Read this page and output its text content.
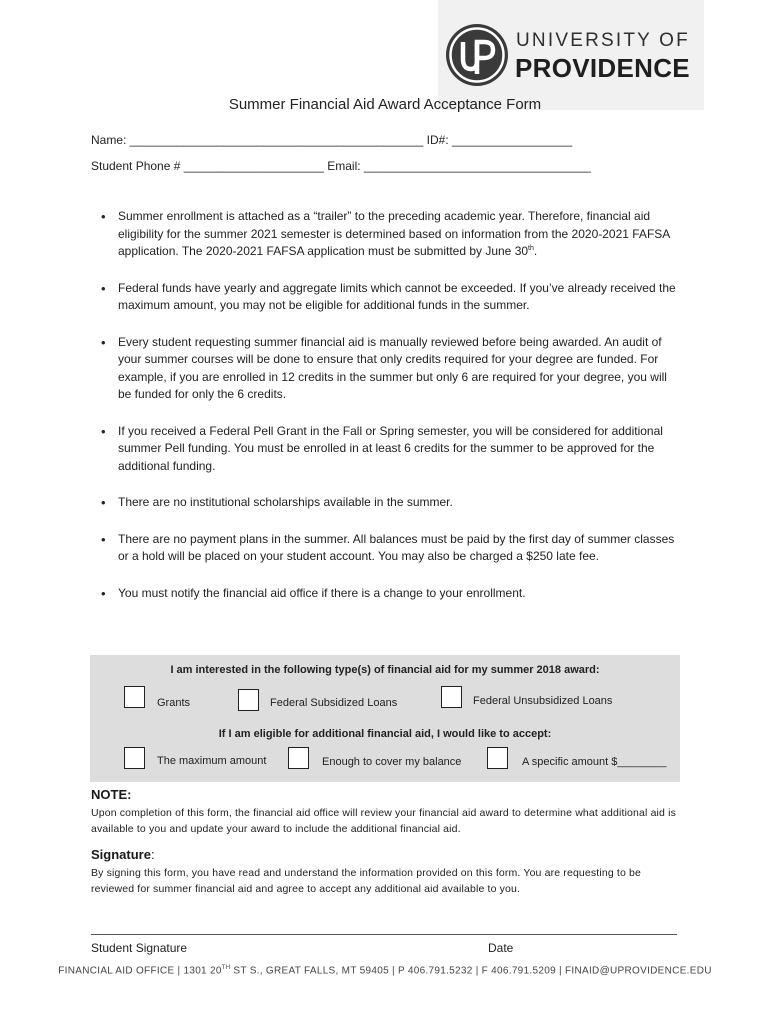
UNIVERSITY OF
PROVIDENCE
Summer Financial Aid Award Acceptance Form
Name: ____________________________________________ ID#: __________________
Student Phone # _____________________ Email: __________________________________
• Summer enrollment is attached as a “trailer” to the preceding academic year. Therefore, financial aid eligibility for the summer 2021 semester is determined based on information from the 2020-2021 FAFSA application. The 2020-2021 FAFSA application must be submitted by June 30th.
• Federal funds have yearly and aggregate limits which cannot be exceeded. If you’ve already received the maximum amount, you may not be eligible for additional funds in the summer.
• Every student requesting summer financial aid is manually reviewed before being awarded. An audit of your summer courses will be done to ensure that only credits required for your degree are funded. For example, if you are enrolled in 12 credits in the summer but only 6 are required for your degree, you will be funded for only the 6 credits.
• If you received a Federal Pell Grant in the Fall or Spring semester, you will be considered for additional summer Pell funding. You must be enrolled in at least 6 credits for the summer to be approved for the additional funding.
• There are no institutional scholarships available in the summer.
• There are no payment plans in the summer. All balances must be paid by the first day of summer classes or a hold will be placed on your student account. You may also be charged a $250 late fee.
• You must notify the financial aid office if there is a change to your enrollment.
I am interested in the following type(s) of financial aid for my summer 2018 award:
Grants	Federal Subsidized Loans	Federal Unsubsidized Loans
If I am eligible for additional financial aid, I would like to accept:
The maximum amount	Enough to cover my balance	A specific amount $________
NOTE:
Upon completion of this form, the financial aid office will review your financial aid award to determine what additional aid is available to you and update your award to include the additional financial aid.
Signature:
By signing this form, you have read and understand the information provided on this form. You are requesting to be reviewed for summer financial aid and agree to accept any additional aid available to you.
Student Signature	Date
FINANCIAL AID OFFICE | 1301 20TH ST S., GREAT FALLS, MT 59405 | P 406.791.5232 | F 406.791.5209 | FINAID@UPROVIDENCE.EDU
